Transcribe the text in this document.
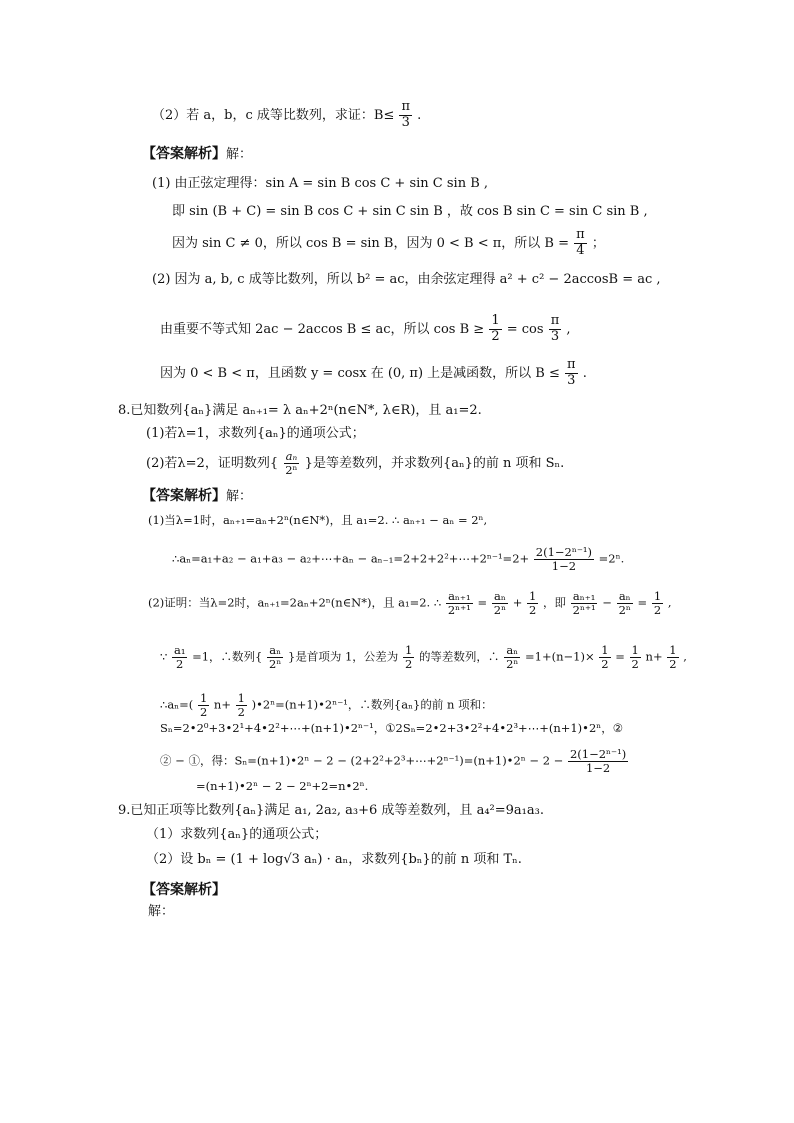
（2）若 a，b，c 成等比数列，求证：$B\le \frac{\pi}{3}$ .
【答案解析】解：
(1) 由正弦定理得：sin A = sin B cos C + sin C sin B ,
即 sin (B + C) = sin B cos C + sin C sin B ，故 cos B sin C = sin C sin B ,
因为 sin C ≠ 0，所以 cos B = sin B，因为 0 < B < π，所以 $B = \frac{\pi}{4}$ ；
(2) 因为 a, b, c 成等比数列，所以 b² = ac，由余弦定理得 a² + c² − 2accosB = ac ,
由重要不等式知 2ac − 2accos B ≤ ac，所以 $\cos B \ge \frac{1}{2} = \cos \frac{\pi}{3}$ ,
因为 0 < B < π，且函数 y = cosx 在 (0, π) 上是减函数，所以 $B \le \frac{\pi}{3}$ .
8.已知数列{aₙ}满足 aₙ₊₁= λ aₙ+2ⁿ(n∈N*, λ∈R)，且 a₁=2.
(1)若λ=1，求数列{aₙ}的通项公式；
(2)若λ=2，证明数列{ $\frac{\text{aₙ}}{\text{2ⁿ}}$ }是等差数列，并求数列{aₙ}的前 n 项和 Sₙ.
【答案解析】解：
(1)当λ=1时，aₙ₊₁=aₙ+2ⁿ(n∈N*)，且 a₁=2. ∴ aₙ₊₁ − aₙ = 2ⁿ,
∴aₙ=a₁+a₂ − a₁+a₃ − a₂+⋯+aₙ − aₙ₋₁=2+2+2²+⋯+2ⁿ⁻¹=2+ $\frac{\text{2(1−2ⁿ⁻¹)}}{1-2} =2^n$.
(2)证明：当λ=2时，aₙ₊₁=2aₙ+2ⁿ(n∈N*)，且 a₁=2. ∴ $\frac{\text{aₙ₊₁}}{\text{2ⁿ⁺¹}} = \frac{\text{aₙ}}{\text{2ⁿ}} + \frac{1}{2}$ ，即 $\frac{\text{aₙ₊₁}}{\text{2ⁿ⁺¹}} - \frac{\text{aₙ}}{\text{2ⁿ}} = \frac{1}{2}$ ,
∵ $\frac{\text{a₁}}{2} =1$，∴数列{ $\frac{\text{aₙ}}{\text{2ⁿ}}$ }是首项为 1，公差为 $\frac{1}{2}$ 的等差数列，∴ $\frac{\text{aₙ}}{\text{2ⁿ}} =1+(n-1)\times \frac{1}{2} = \frac{1}{2} n+ \frac{1}{2}$ ,
∴aₙ=( $\frac{1}{2} n+ \frac{1}{2}$ )•2ⁿ=(n+1)•2ⁿ⁻¹，∴数列{aₙ}的前 n 项和：
Sₙ=2•2⁰+3•2¹+4•2²+⋯+(n+1)•2ⁿ⁻¹，①2Sₙ=2•2+3•2²+4•2³+⋯+(n+1)•2ⁿ，②
② − ①，得：Sₙ=(n+1)•2ⁿ − 2 − (2+2²+2³+⋯+2ⁿ⁻¹)=(n+1)•2ⁿ − $2 - \frac{\text{2(1−2ⁿ⁻¹)}}{1-2}$
=(n+1)•2ⁿ − 2 − 2ⁿ+2=n•2ⁿ.
9.已知正项等比数列{aₙ}满足 a₁, 2a₂, a₃+6 成等差数列，且 a₄²=9a₁a₃.
（1）求数列{aₙ}的通项公式；
（2）设 bₙ = (1 + log√3 aₙ) · aₙ，求数列{bₙ}的前 n 项和 Tₙ.
【答案解析】
解：
